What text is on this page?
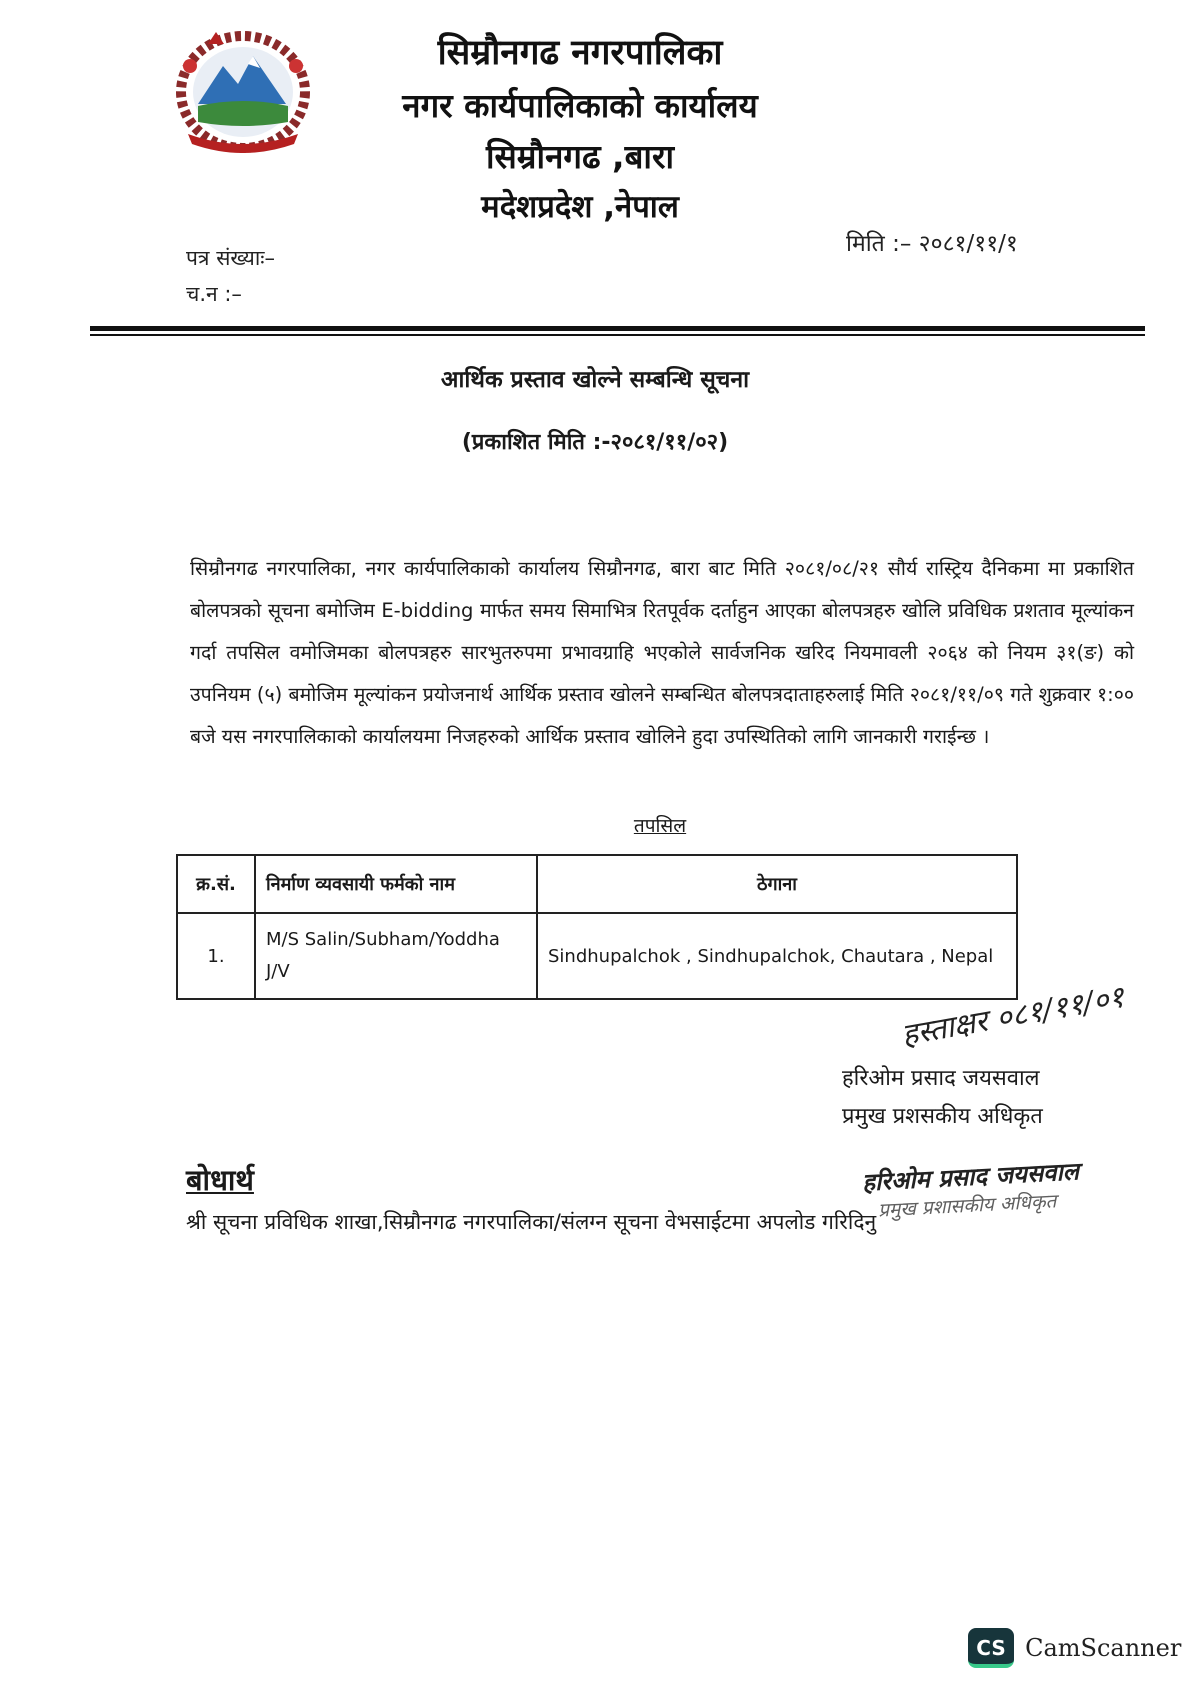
सिम्रौनगढ नगरपालिका
नगर कार्यपालिकाको कार्यालय
सिम्रौनगढ ,बारा
मदेशप्रदेश ,नेपाल
पत्र संख्याः–
च.न :–
मिति :– २०८१/११/१
आर्थिक प्रस्ताव खोल्ने सम्बन्धि सूचना
(प्रकाशित मिति :-२०८१/११/०२)
सिम्रौनगढ नगरपालिका, नगर कार्यपालिकाको कार्यालय सिम्रौनगढ, बारा बाट मिति २०८१/०८/२१ सौर्य रास्ट्रिय दैनिकमा मा प्रकाशित बोलपत्रको सूचना बमोजिम E-bidding मार्फत समय सिमाभित्र रितपूर्वक दर्ताहुन आएका बोलपत्रहरु खोलि प्रविधिक प्रशताव मूल्यांकन गर्दा तपसिल वमोजिमका बोलपत्रहरु सारभुतरुपमा प्रभावग्राहि भएकोले सार्वजनिक खरिद नियमावली २०६४ को नियम ३१(ङ) को उपनियम (५) बमोजिम मूल्यांकन प्रयोजनार्थ आर्थिक प्रस्ताव खोलने सम्बन्धित बोलपत्रदाताहरुलाई मिति २०८१/११/०९ गते शुक्रवार १:०० बजे यस नगरपालिकाको कार्यालयमा निजहरुको आर्थिक प्रस्ताव खोलिने हुदा उपस्थितिको लागि जानकारी गराईन्छ ।
तपसिल
क्र.सं.	निर्माण व्यवसायी फर्मको नाम	ठेगाना
1.	M/S Salin/Subham/Yoddha J/V	Sindhupalchok , Sindhupalchok, Chautara , Nepal
हस्ताक्षर ०८१/११/०१
हरिओम प्रसाद जयसवाल
प्रमुख प्रशसकीय अधिकृत
बोधार्थ
श्री सूचना प्रविधिक शाखा,सिम्रौनगढ नगरपालिका/संलग्न सूचना वेभसाईटमा अपलोड गरिदिनु
हरिओम प्रसाद जयसवाल
प्रमुख प्रशासकीय अधिकृत
CS CamScanner
